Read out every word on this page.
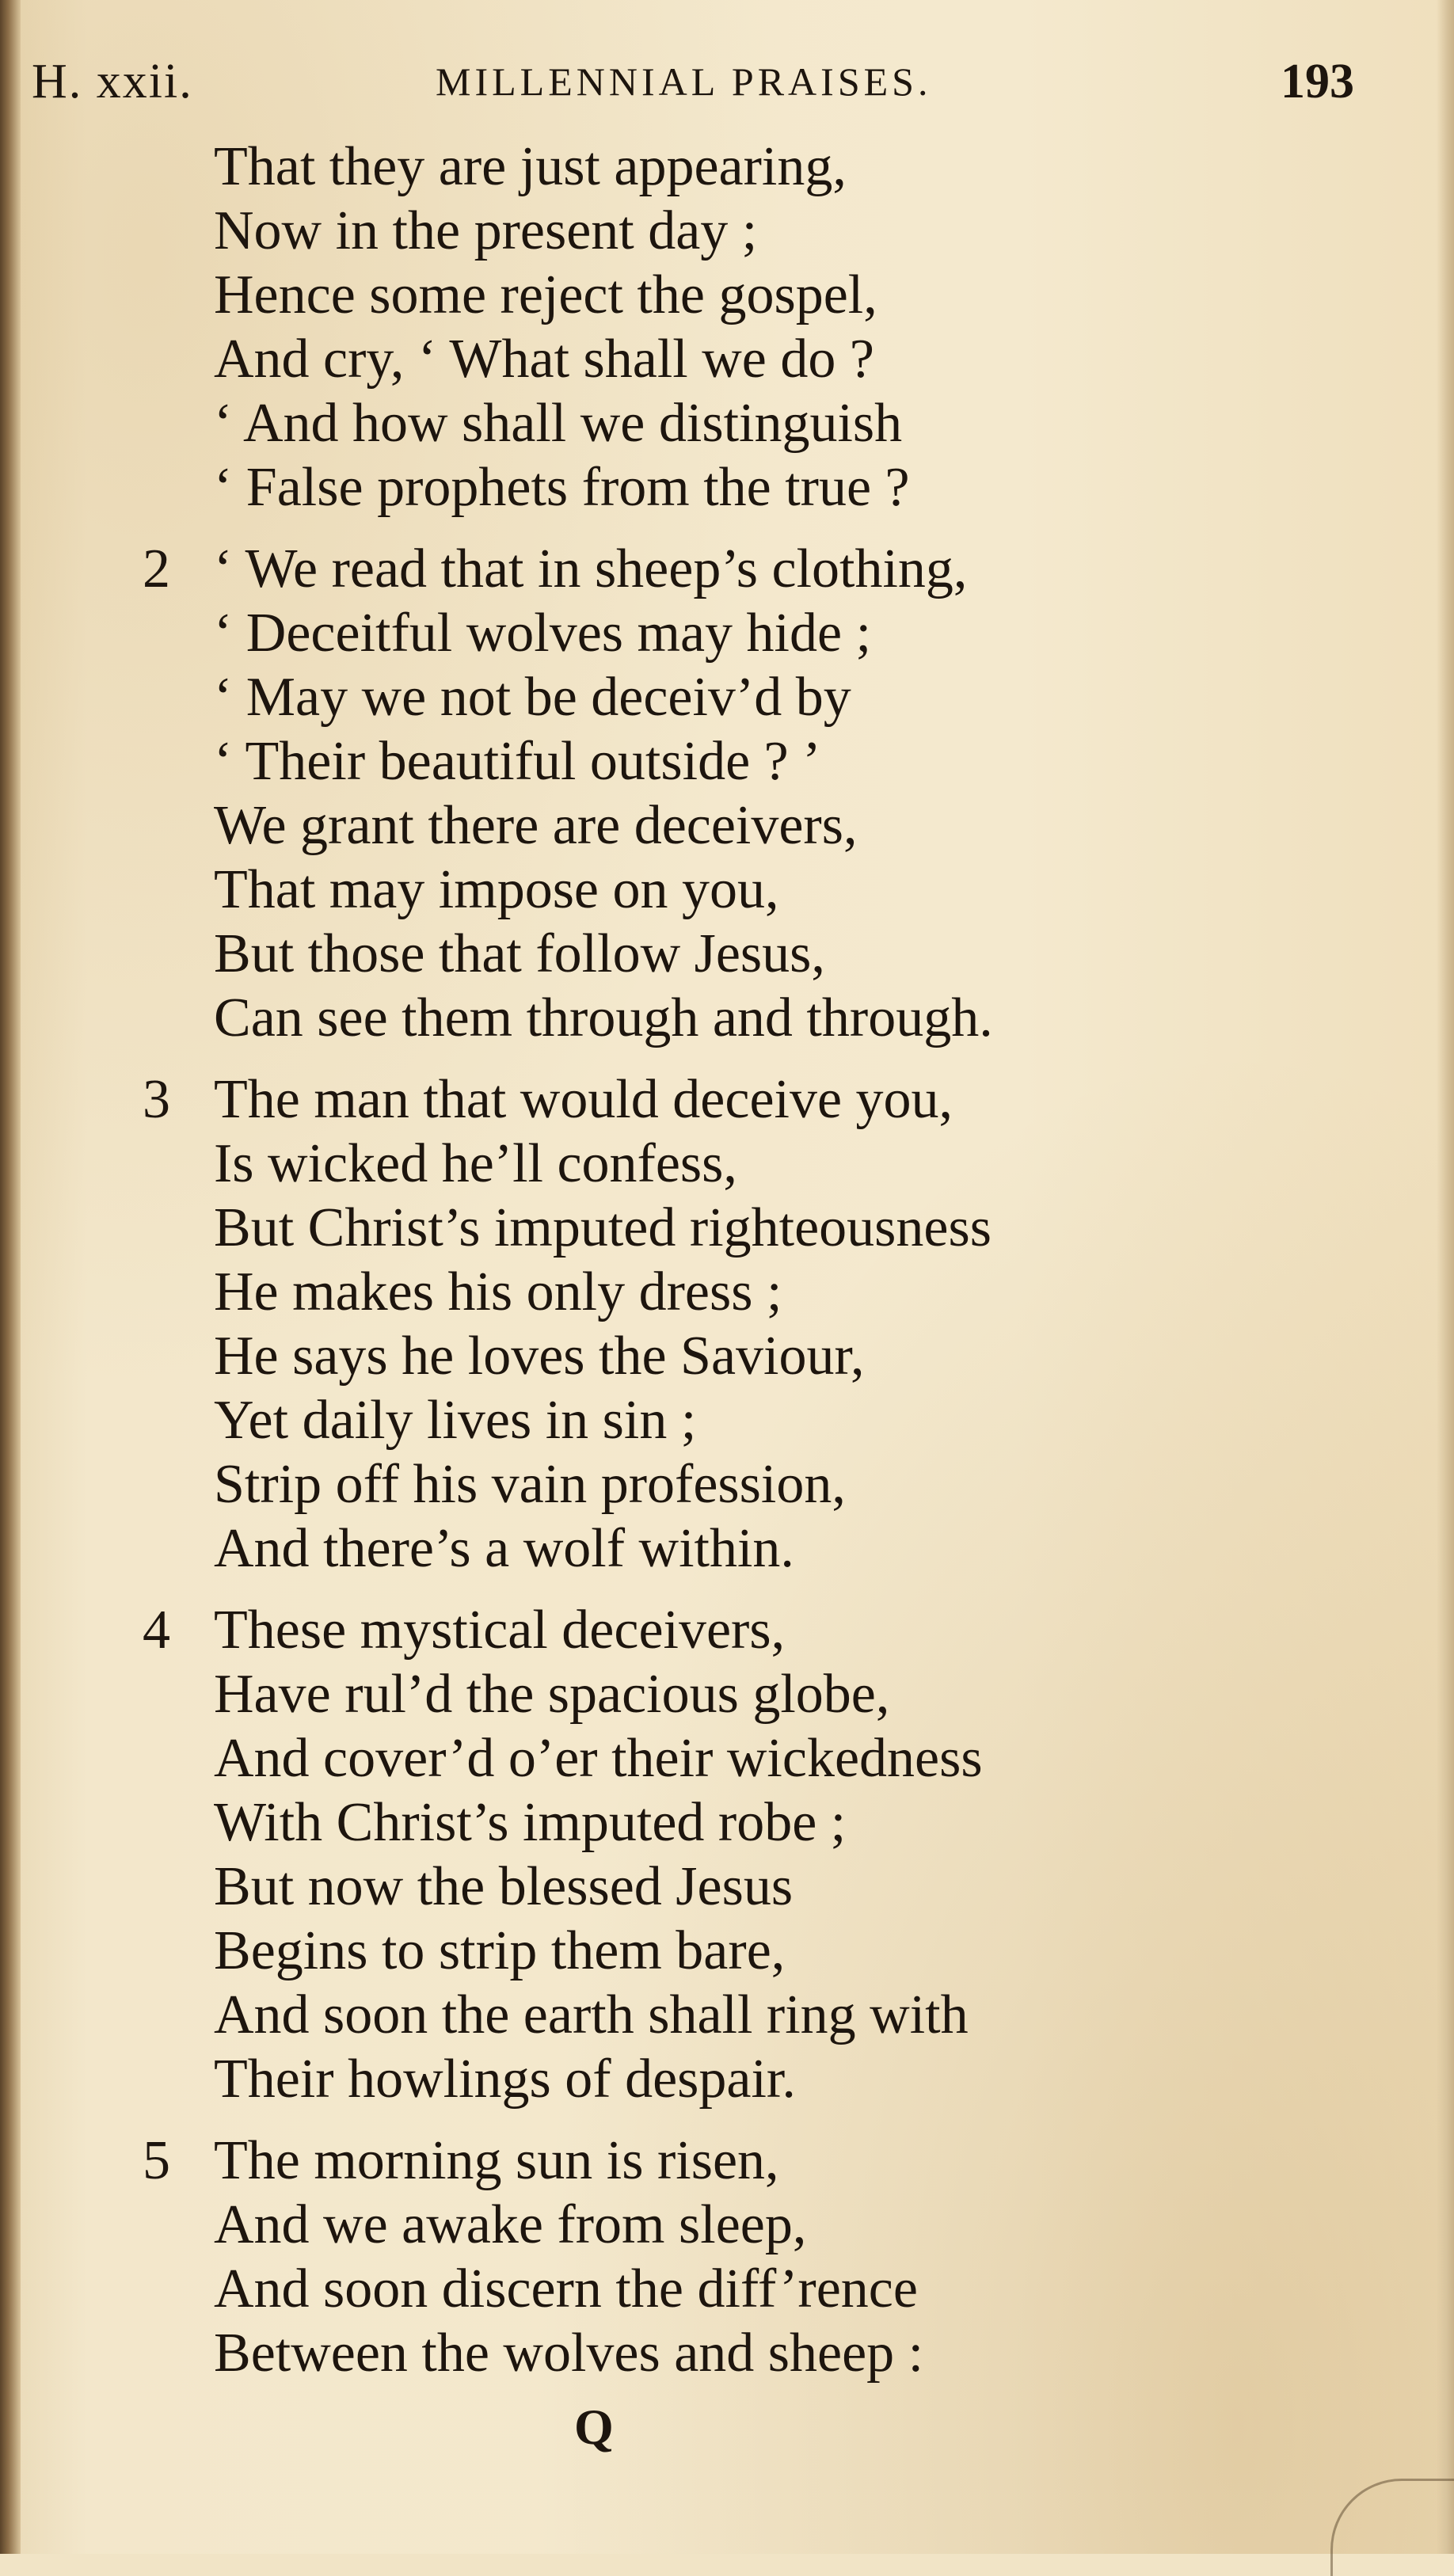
H. xxii.	MILLENNIAL PRAISES.	193
That they are just appearing,
Now in the present day ;
Hence some reject the gospel,
And cry, ‘ What shall we do ?
‘ And how shall we distinguish
‘ False prophets from the true ?
2 ‘ We read that in sheep’s clothing,
‘ Deceitful wolves may hide ;
‘ May we not be deceiv’d by
‘ Their beautiful outside ? ’
We grant there are deceivers,
That may impose on you,
But those that follow Jesus,
Can see them through and through.
3 The man that would deceive you,
Is wicked he’ll confess,
But Christ’s imputed righteousness
He makes his only dress ;
He says he loves the Saviour,
Yet daily lives in sin ;
Strip off his vain profession,
And there’s a wolf within.
4 These mystical deceivers,
Have rul’d the spacious globe,
And cover’d o’er their wickedness
With Christ’s imputed robe ;
But now the blessed Jesus
Begins to strip them bare,
And soon the earth shall ring with
Their howlings of despair.
5 The morning sun is risen,
And we awake from sleep,
And soon discern the diff’rence
Between the wolves and sheep :
Q
